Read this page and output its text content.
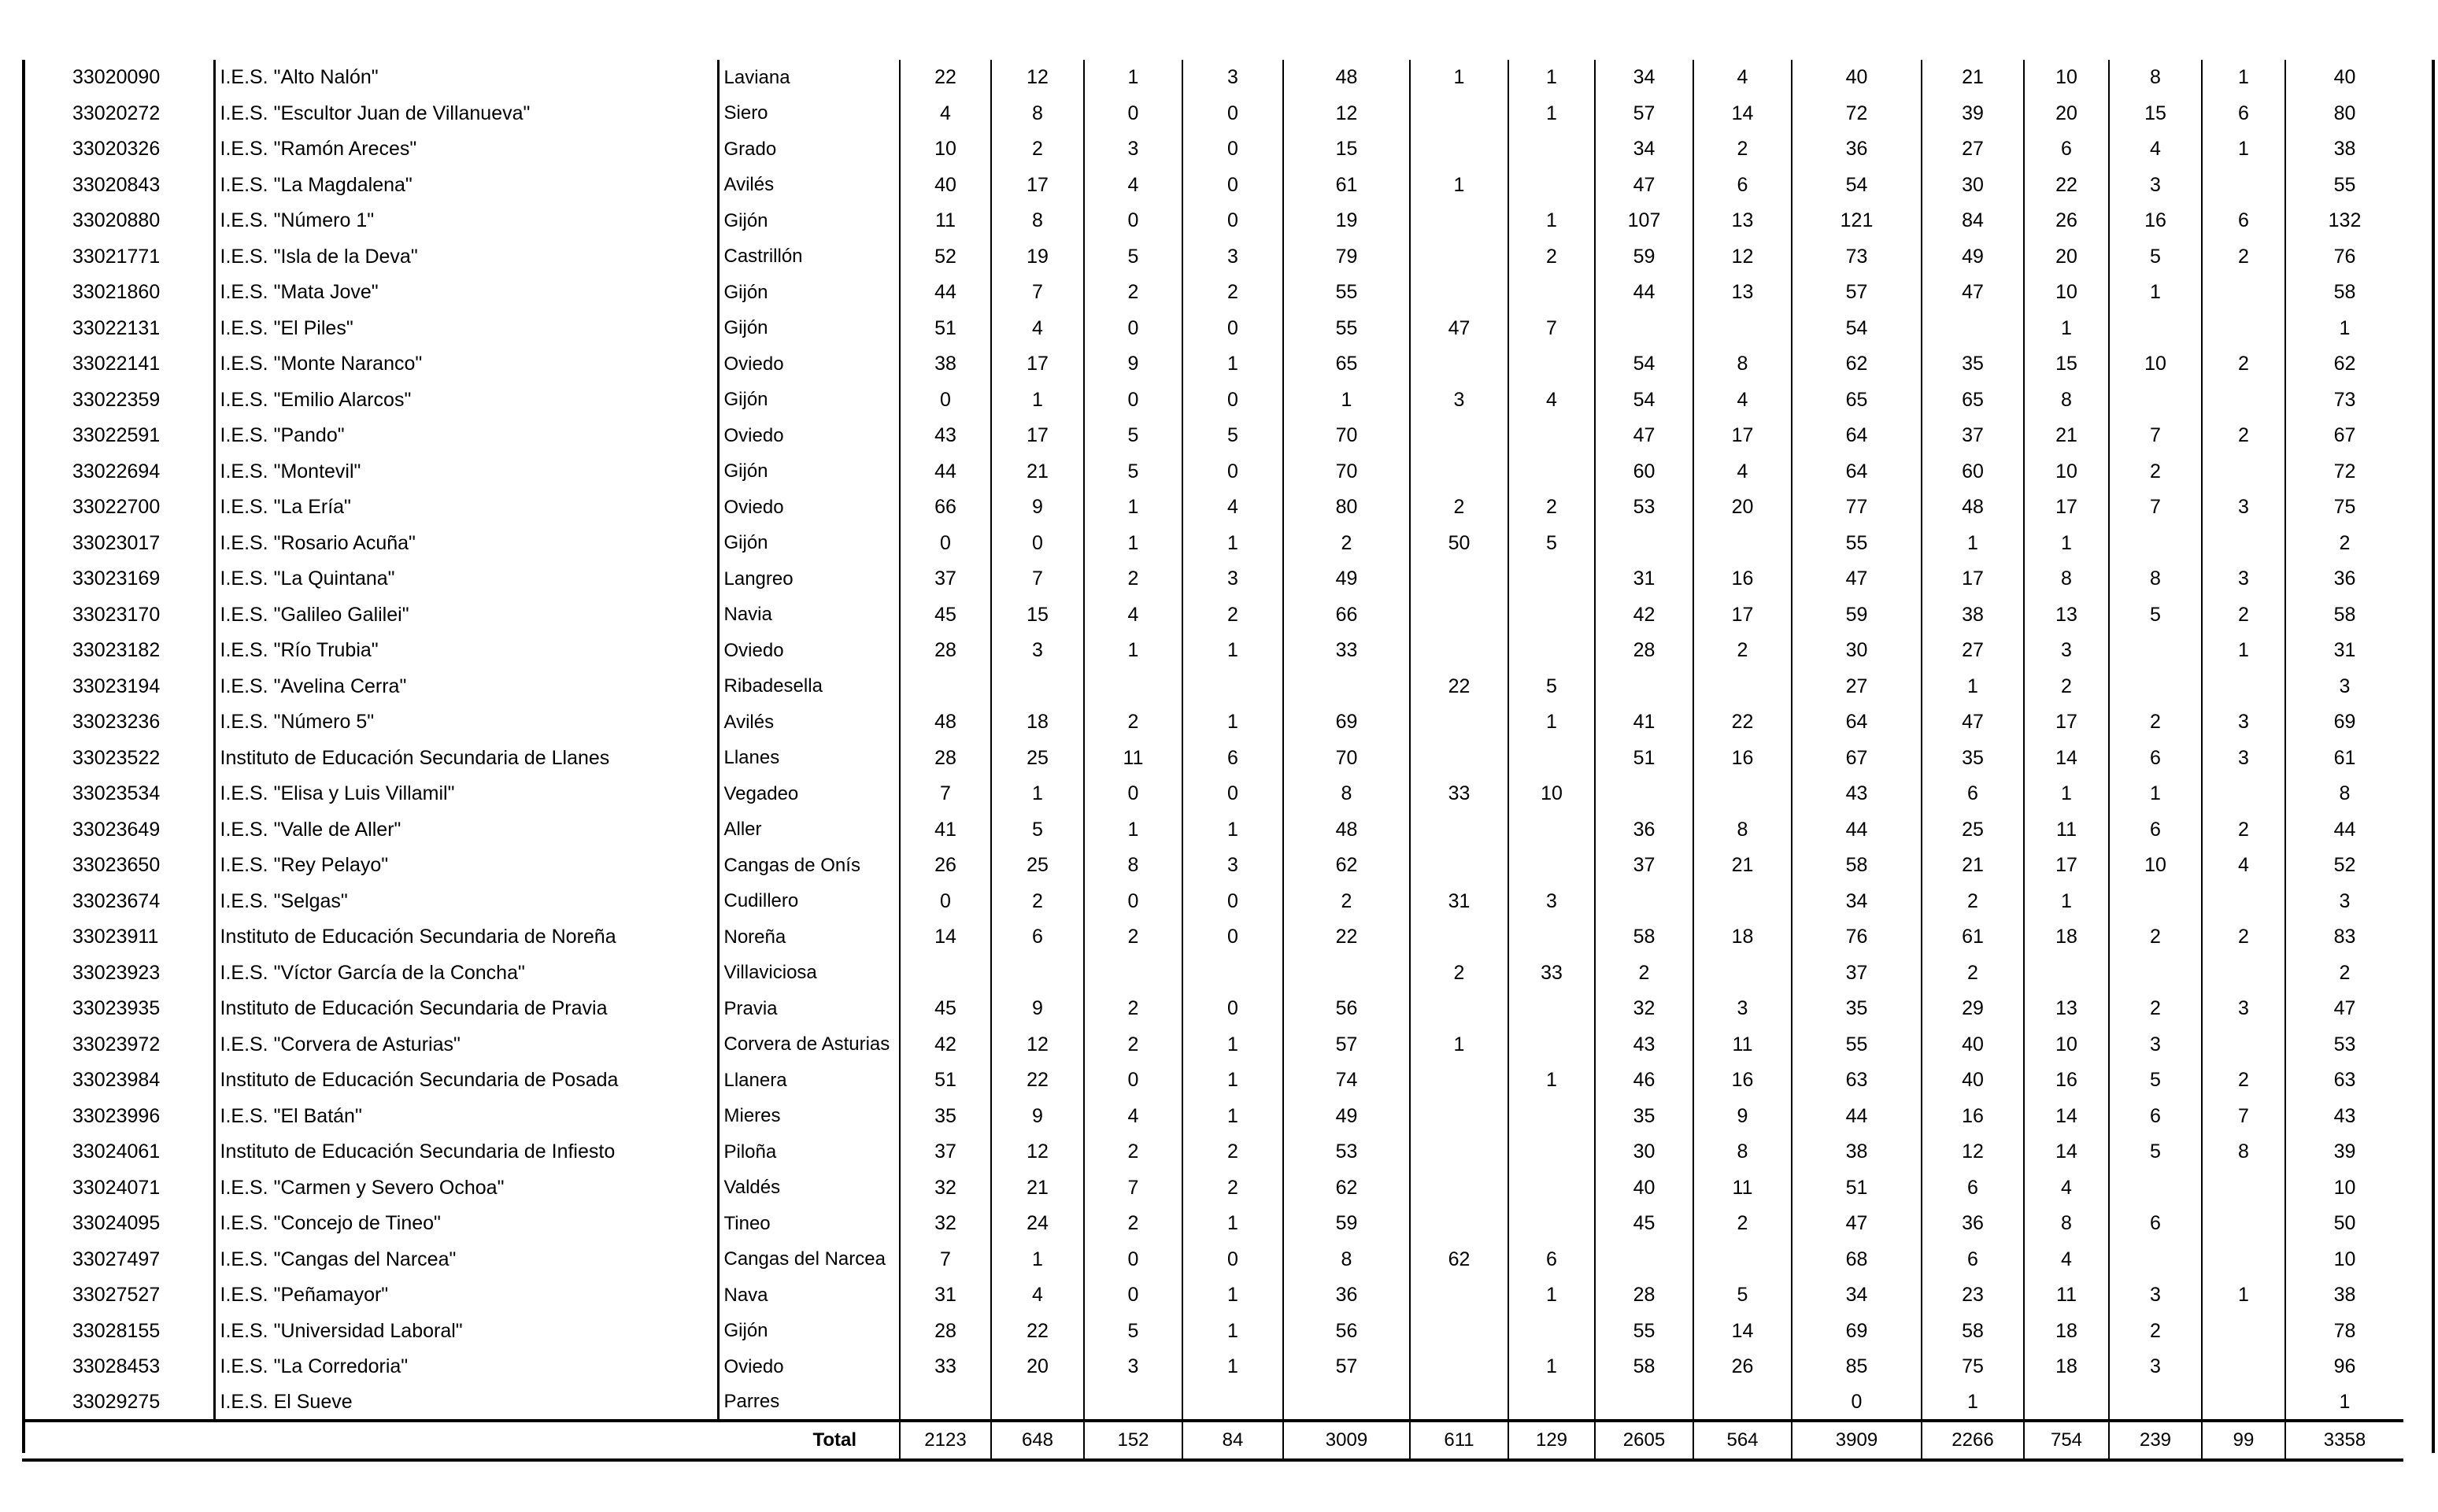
33020090	I.E.S. "Alto Nalón"	Laviana	22	12	1	3	48	1	1	34	4	40	21	10	8	1	40
33020272	I.E.S. "Escultor Juan de Villanueva"	Siero	4	8	0	0	12		1	57	14	72	39	20	15	6	80
33020326	I.E.S. "Ramón Areces"	Grado	10	2	3	0	15			34	2	36	27	6	4	1	38
33020843	I.E.S. "La Magdalena"	Avilés	40	17	4	0	61	1		47	6	54	30	22	3		55
33020880	I.E.S. "Número 1"	Gijón	11	8	0	0	19		1	107	13	121	84	26	16	6	132
33021771	I.E.S. "Isla de la Deva"	Castrillón	52	19	5	3	79		2	59	12	73	49	20	5	2	76
33021860	I.E.S. "Mata Jove"	Gijón	44	7	2	2	55			44	13	57	47	10	1		58
33022131	I.E.S. "El Piles"	Gijón	51	4	0	0	55	47	7			54		1			1
33022141	I.E.S. "Monte Naranco"	Oviedo	38	17	9	1	65			54	8	62	35	15	10	2	62
33022359	I.E.S. "Emilio Alarcos"	Gijón	0	1	0	0	1	3	4	54	4	65	65	8			73
33022591	I.E.S. "Pando"	Oviedo	43	17	5	5	70			47	17	64	37	21	7	2	67
33022694	I.E.S. "Montevil"	Gijón	44	21	5	0	70			60	4	64	60	10	2		72
33022700	I.E.S. "La Ería"	Oviedo	66	9	1	4	80	2	2	53	20	77	48	17	7	3	75
33023017	I.E.S. "Rosario Acuña"	Gijón	0	0	1	1	2	50	5			55	1	1			2
33023169	I.E.S. "La Quintana"	Langreo	37	7	2	3	49			31	16	47	17	8	8	3	36
33023170	I.E.S. "Galileo Galilei"	Navia	45	15	4	2	66			42	17	59	38	13	5	2	58
33023182	I.E.S. "Río Trubia"	Oviedo	28	3	1	1	33			28	2	30	27	3		1	31
33023194	I.E.S. "Avelina Cerra"	Ribadesella						22	5			27	1	2			3
33023236	I.E.S. "Número 5"	Avilés	48	18	2	1	69		1	41	22	64	47	17	2	3	69
33023522	Instituto de Educación Secundaria de Llanes	Llanes	28	25	11	6	70			51	16	67	35	14	6	3	61
33023534	I.E.S. "Elisa y Luis Villamil"	Vegadeo	7	1	0	0	8	33	10			43	6	1	1		8
33023649	I.E.S. "Valle de Aller"	Aller	41	5	1	1	48			36	8	44	25	11	6	2	44
33023650	I.E.S. "Rey Pelayo"	Cangas de Onís	26	25	8	3	62			37	21	58	21	17	10	4	52
33023674	I.E.S. "Selgas"	Cudillero	0	2	0	0	2	31	3			34	2	1			3
33023911	Instituto de Educación Secundaria de Noreña	Noreña	14	6	2	0	22			58	18	76	61	18	2	2	83
33023923	I.E.S. "Víctor García de la Concha"	Villaviciosa						2	33	2		37	2				2
33023935	Instituto de Educación Secundaria de Pravia	Pravia	45	9	2	0	56			32	3	35	29	13	2	3	47
33023972	I.E.S. "Corvera de Asturias"	Corvera de Asturias	42	12	2	1	57	1		43	11	55	40	10	3		53
33023984	Instituto de Educación Secundaria de Posada	Llanera	51	22	0	1	74		1	46	16	63	40	16	5	2	63
33023996	I.E.S. "El Batán"	Mieres	35	9	4	1	49			35	9	44	16	14	6	7	43
33024061	Instituto de Educación Secundaria de Infiesto	Piloña	37	12	2	2	53			30	8	38	12	14	5	8	39
33024071	I.E.S. "Carmen y Severo Ochoa"	Valdés	32	21	7	2	62			40	11	51	6	4			10
33024095	I.E.S. "Concejo de Tineo"	Tineo	32	24	2	1	59			45	2	47	36	8	6		50
33027497	I.E.S. "Cangas del Narcea"	Cangas del Narcea	7	1	0	0	8	62	6			68	6	4			10
33027527	I.E.S. "Peñamayor"	Nava	31	4	0	1	36		1	28	5	34	23	11	3	1	38
33028155	I.E.S. "Universidad Laboral"	Gijón	28	22	5	1	56			55	14	69	58	18	2		78
33028453	I.E.S. "La Corredoria"	Oviedo	33	20	3	1	57		1	58	26	85	75	18	3		96
33029275	I.E.S. El Sueve	Parres										0	1				1
Total			2123	648	152	84	3009	611	129	2605	564	3909	2266	754	239	99	3358
